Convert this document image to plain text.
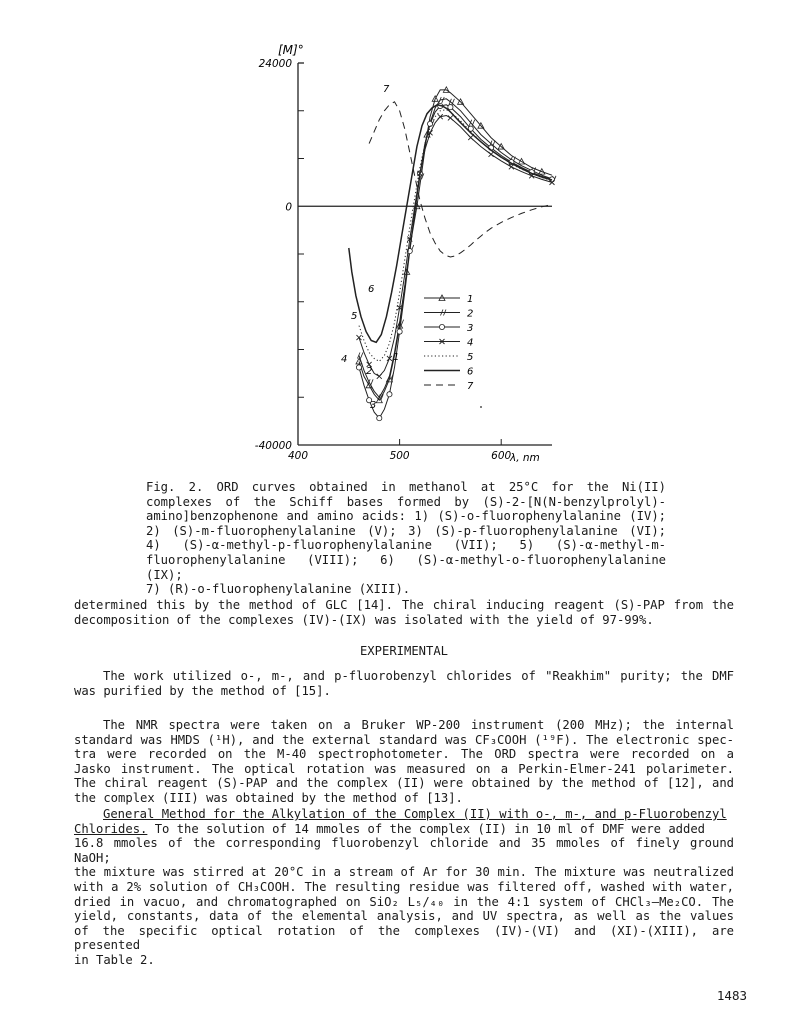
[M]°
λ, nm
24000
0
-40000
400	500	600
1
2
3
4
5
6
7
1
2
3
4
5
6
7
Fig. 2. ORD curves obtained in methanol at 25°C for the Ni(II)
complexes of the Schiff bases formed by (S)-2-[N(N-benzylprolyl)-
amino]benzophenone and amino acids: 1) (S)-o-fluorophenylalanine (IV);
2) (S)-m-fluorophenylalanine (V); 3) (S)-p-fluorophenylalanine (VI);
4) (S)-α-methyl-p-fluorophenylalanine (VII); 5) (S)-α-methyl-m-
fluorophenylalanine (VIII); 6) (S)-α-methyl-o-fluorophenylalanine (IX);
7) (R)-o-fluorophenylalanine (XIII).
determined this by the method of GLC [14]. The chiral inducing reagent (S)-PAP from the
decomposition of the complexes (IV)-(IX) was isolated with the yield of 97-99%.
EXPERIMENTAL
The work utilized o-, m-, and p-fluorobenzyl chlorides of "Reakhim" purity; the DMF
was purified by the method of [15].
The NMR spectra were taken on a Bruker WP-200 instrument (200 MHz); the internal
standard was HMDS (¹H), and the external standard was CF₃COOH (¹⁹F). The electronic spec-
tra were recorded on the M-40 spectrophotometer. The ORD spectra were recorded on a
Jasko instrument. The optical rotation was measured on a Perkin-Elmer-241 polarimeter.
The chiral reagent (S)-PAP and the complex (II) were obtained by the method of [12], and
the complex (III) was obtained by the method of [13].
General Method for the Alkylation of the Complex (II) with o-, m-, and p-Fluorobenzyl
Chlorides. To the solution of 14 mmoles of the complex (II) in 10 ml of DMF were added
16.8 mmoles of the corresponding fluorobenzyl chloride and 35 mmoles of finely ground NaOH;
the mixture was stirred at 20°C in a stream of Ar for 30 min. The mixture was neutralized
with a 2% solution of CH₃COOH. The resulting residue was filtered off, washed with water,
dried in vacuo, and chromatographed on SiO₂ L₅/₄₀ in the 4:1 system of CHCl₃–Me₂CO. The
yield, constants, data of the elemental analysis, and UV spectra, as well as the values
of the specific optical rotation of the complexes (IV)-(VI) and (XI)-(XIII), are presented
in Table 2.
1483
